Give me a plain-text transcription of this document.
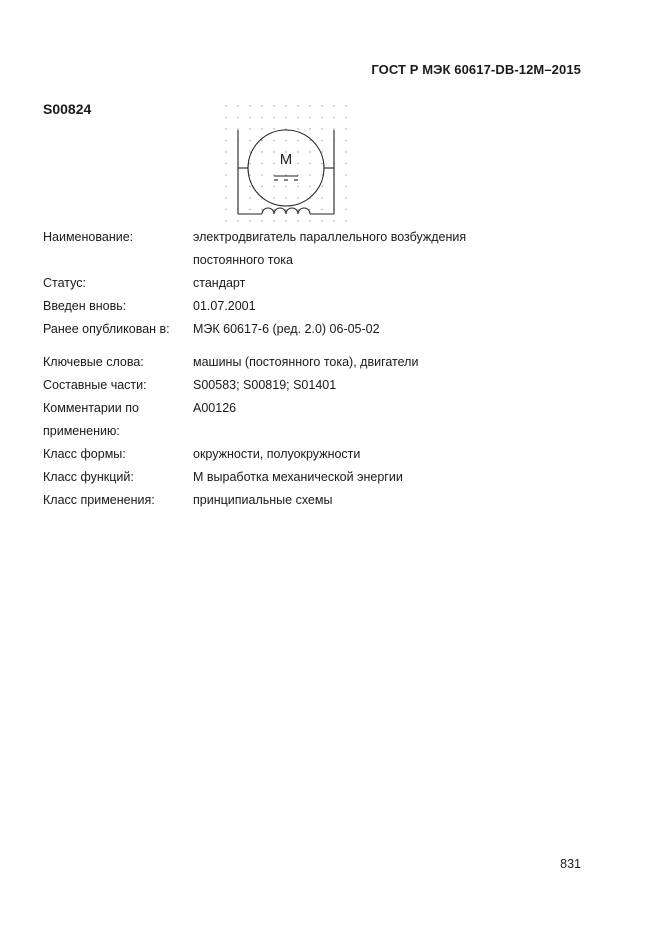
ГОСТ Р МЭК 60617-DB-12M–2015
S00824
M
Наименование:	электродвигатель параллельного возбуждения
постоянного тока
Статус:	стандарт
Введен вновь:	01.07.2001
Ранее опубликован в:	МЭК 60617-6 (ред. 2.0) 06-05-02
Ключевые слова:	машины (постоянного тока), двигатели
Составные части:	S00583; S00819; S01401
Комментарии по
применению:
A00126
Класс формы:	окружности, полуокружности
Класс функций:	M выработка механической энергии
Класс применения:	принципиальные схемы
831
